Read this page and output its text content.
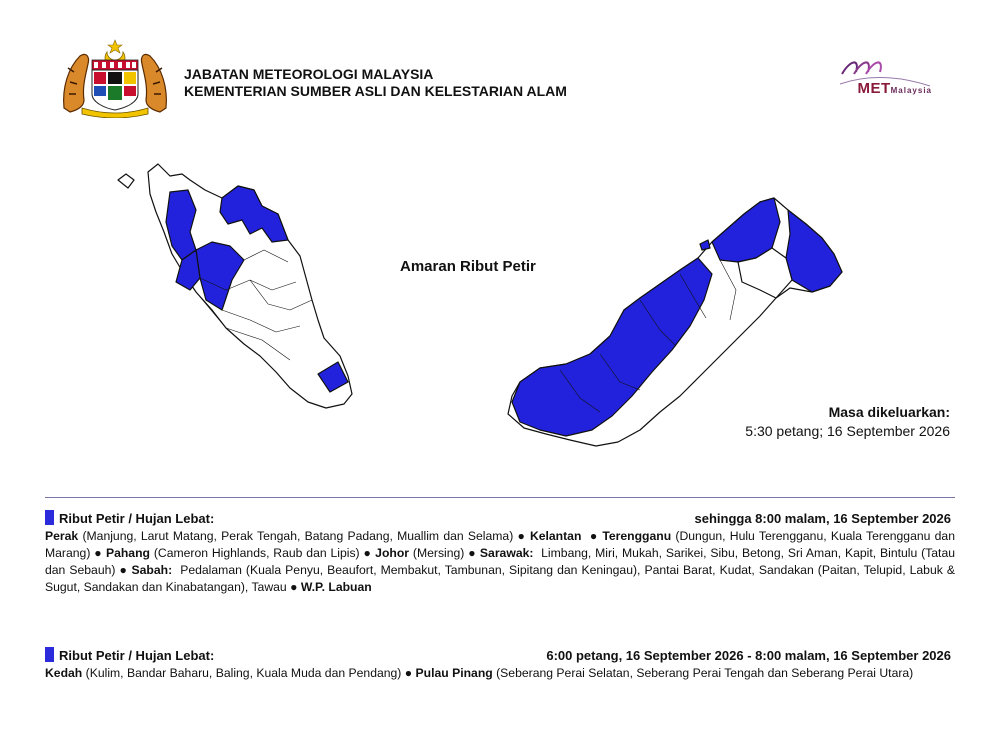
JABATAN METEOROLOGI MALAYSIA
KEMENTERIAN SUMBER ASLI DAN KELESTARIAN ALAM	METMalaysia
Amaran Ribut Petir
Masa dikeluarkan:
5:30 petang; 16 September 2026
Ribut Petir / Hujan Lebat:	sehingga 8:00 malam, 16 September 2026
Perak (Manjung, Larut Matang, Perak Tengah, Batang Padang, Muallim dan Selama) ● Kelantan  ● Terengganu (Dungun, Hulu Terengganu, Kuala Terengganu dan Marang) ● Pahang (Cameron Highlands, Raub dan Lipis) ● Johor (Mersing) ● Sarawak: Limbang, Miri, Mukah, Sarikei, Sibu, Betong, Sri Aman, Kapit, Bintulu (Tatau dan Sebauh) ● Sabah: Pedalaman (Kuala Penyu, Beaufort, Membakut, Tambunan, Sipitang dan Keningau), Pantai Barat, Kudat, Sandakan (Paitan, Telupid, Labuk & Sugut, Sandakan dan Kinabatangan), Tawau ● W.P. Labuan
Ribut Petir / Hujan Lebat:	6:00 petang, 16 September 2026 - 8:00 malam, 16 September 2026
Kedah (Kulim, Bandar Baharu, Baling, Kuala Muda dan Pendang) ● Pulau Pinang (Seberang Perai Selatan, Seberang Perai Tengah dan Seberang Perai Utara)
